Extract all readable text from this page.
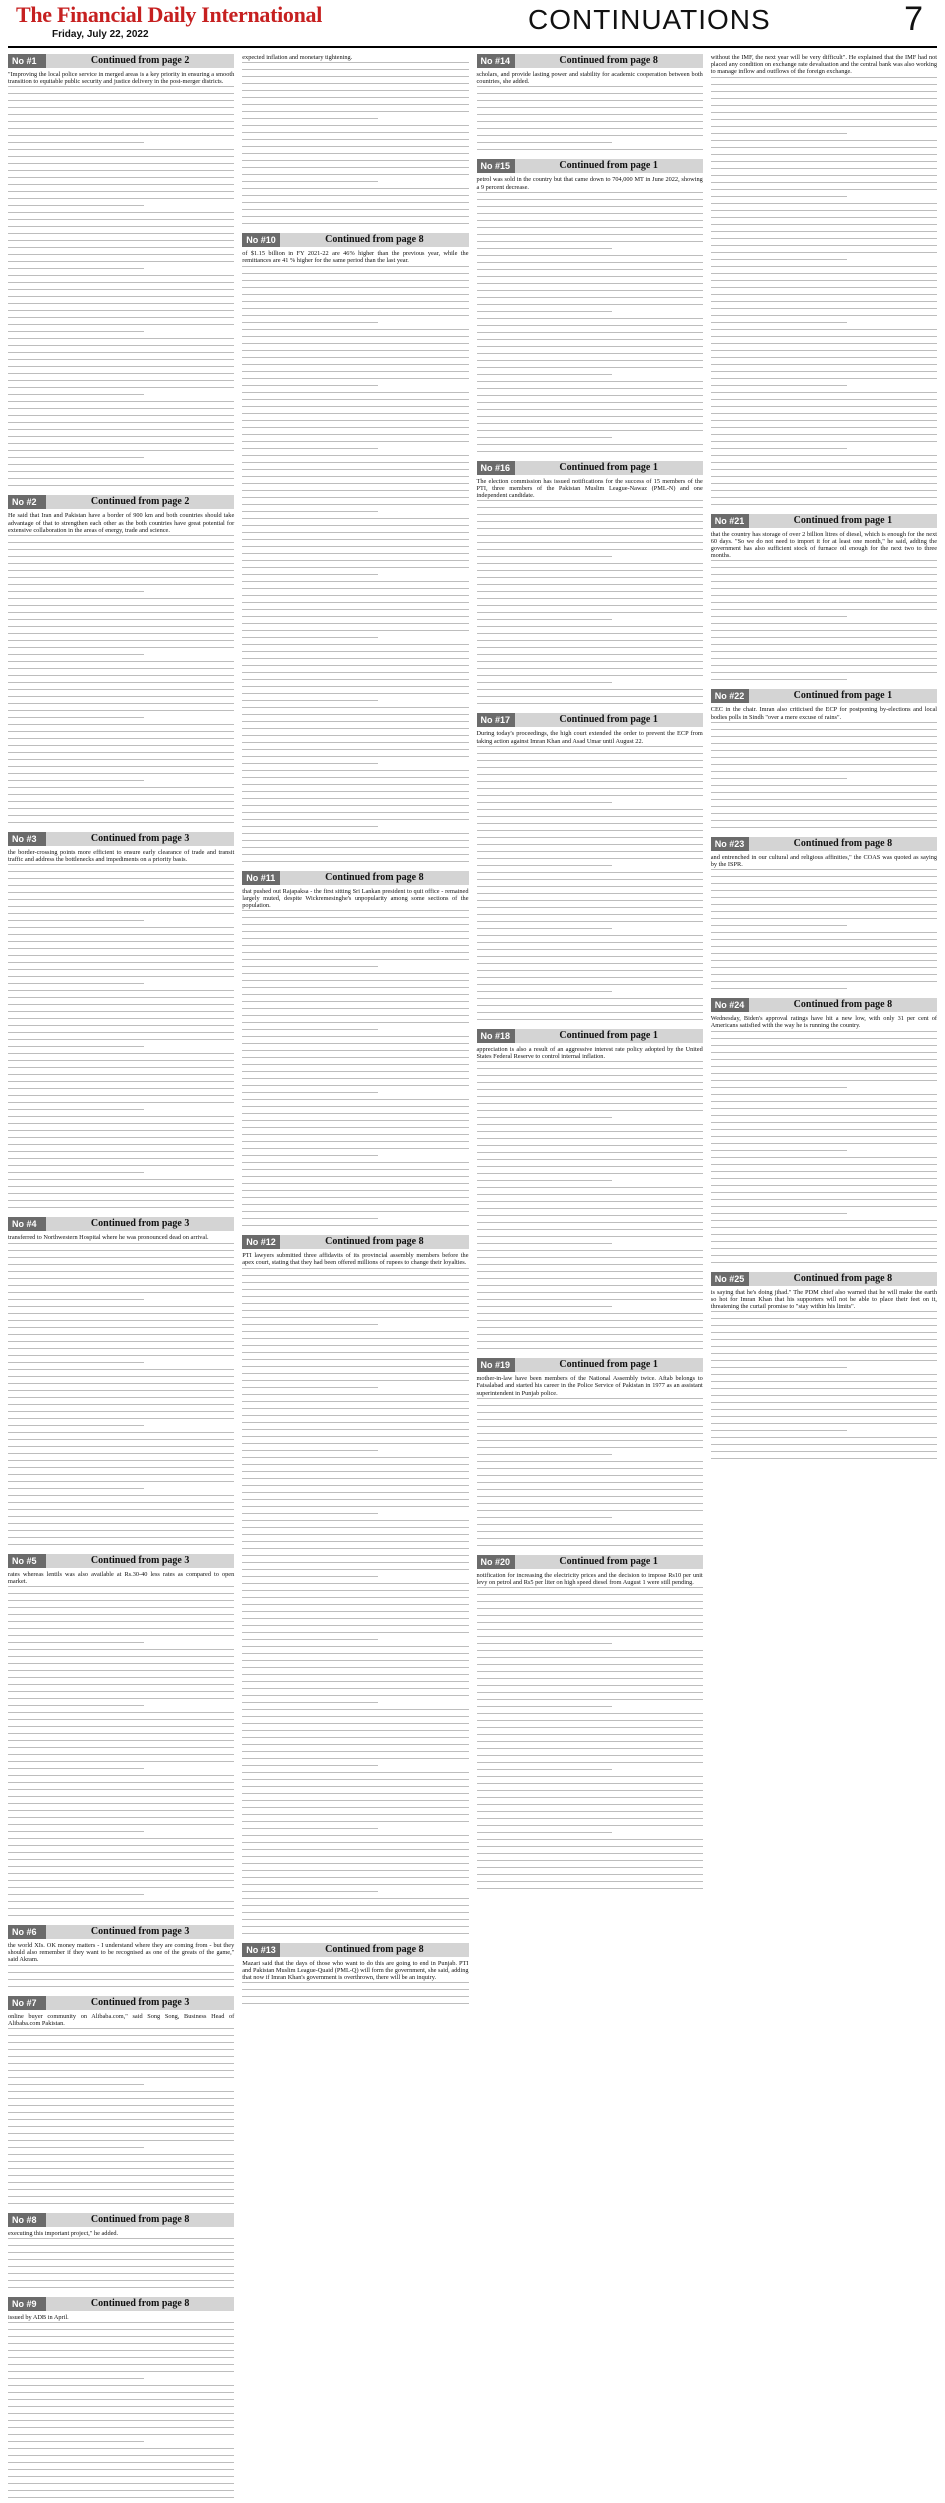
The Financial Daily International
Friday, July 22, 2022	CONTINUATIONS	7
No #1	Continued from page 2
"Improving the local police service in merged areas is a key priority in ensuring a smooth transition to equitable public security and justice delivery in the post-merger districts.
No #2	Continued from page 2
He said that Iran and Pakistan have a border of 900 km and both countries should take advantage of that to strengthen each other as the both countries have great potential for extensive collaboration in the areas of energy, trade and science.
No #3	Continued from page 3
the border-crossing points more efficient to ensure early clearance of trade and transit traffic and address the bottlenecks and impediments on a priority basis.
No #4	Continued from page 3
transferred to Northwestern Hospital where he was pronounced dead on arrival.
No #5	Continued from page 3
rates whereas lentils was also available at Rs.30-40 less rates as compared to open market.
No #6	Continued from page 3
the world XIs. OK money matters - I understand where they are coming from - but they should also remember if they want to be recognised as one of the greats of the game," said Akram.
No #7	Continued from page 3
online buyer community on Alibaba.com," said Song Song, Business Head of Alibaba.com Pakistan.
No #8	Continued from page 8
executing this important project," he added.
No #9	Continued from page 8
issued by ADB in April.
expected inflation and monetary tightening.
No #10	Continued from page 8
of $1.15 billion in FY 2021-22 are 46% higher than the previous year, while the remittances are 41 % higher for the same period than the last year.
No #11	Continued from page 8
that pushed out Rajapaksa - the first sitting Sri Lankan president to quit office - remained largely muted, despite Wickremesinghe's unpopularity among some sections of the population.
No #12	Continued from page 8
PTI lawyers submitted three affidavits of its provincial assembly members before the apex court, stating that they had been offered millions of rupees to change their loyalties.
No #13	Continued from page 8
Mazari said that the days of those who want to do this are going to end in Punjab. PTI and Pakistan Muslim League-Quaid (PML-Q) will form the government, she said, adding that now if Imran Khan's government is overthrown, there will be an inquiry.
No #14	Continued from page 8
scholars, and provide lasting power and stability for academic cooperation between both countries, she added.
No #15	Continued from page 1
petrol was sold in the country but that came down to 704,000 MT in June 2022, showing a 9 percent decrease.
No #16	Continued from page 1
The election commission has issued notifications for the success of 15 members of the PTI, three members of the Pakistan Muslim League-Nawaz (PML-N) and one independent candidate.
No #17	Continued from page 1
During today's proceedings, the high court extended the order to prevent the ECP from taking action against Imran Khan and Asad Umar until August 22.
No #18	Continued from page 1
appreciation is also a result of an aggressive interest rate policy adopted by the United States Federal Reserve to control internal inflation.
No #19	Continued from page 1
mother-in-law have been members of the National Assembly twice. Aftab belongs to Faisalabad and started his career in the Police Service of Pakistan in 1977 as an assistant superintendent in Punjab police.
No #20	Continued from page 1
notification for increasing the electricity prices and the decision to impose Rs10 per unit levy on petrol and Rs5 per liter on high speed diesel from August 1 were still pending.
without the IMF, the next year will be very difficult". He explained that the IMF had not placed any condition on exchange rate devaluation and the central bank was also working to manage inflow and outflows of the foreign exchange.
No #21	Continued from page 1
that the country has storage of over 2 billion litres of diesel, which is enough for the next 60 days. "So we do not need to import it for at least one month," he said, adding the government has also sufficient stock of furnace oil enough for the next two to three months.
No #22	Continued from page 1
CEC in the chair. Imran also criticised the ECP for postponing by-elections and local bodies polls in Sindh "over a mere excuse of rains".
No #23	Continued from page 8
and entrenched in our cultural and religious affinities," the COAS was quoted as saying by the ISPR.
No #24	Continued from page 8
Wednesday, Biden's approval ratings have hit a new low, with only 31 per cent of Americans satisfied with the way he is running the country.
No #25	Continued from page 8
is saying that he's doing jihad." The PDM chief also warned that he will make the earth so hot for Imran Khan that his supporters will not be able to place their feet on it, threatening the curtail promise to "stay within his limits".
